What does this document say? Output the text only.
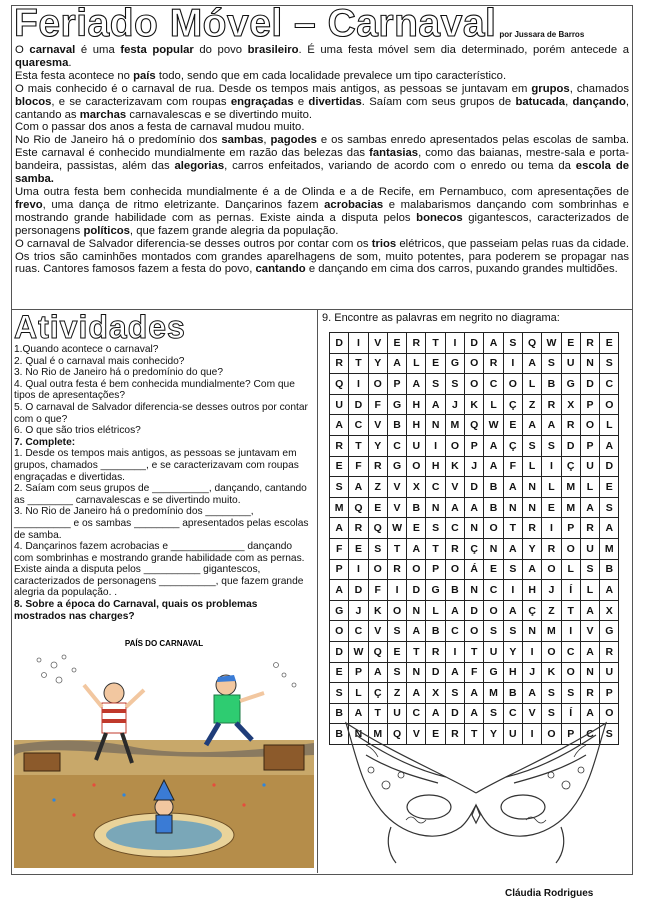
Feriado Móvel – Carnaval por Jussara de Barros

O carnaval é uma festa popular do povo brasileiro. É uma festa móvel sem dia determinado, porém antecede a quaresma.

Esta festa acontece no país todo, sendo que em cada localidade prevalece um tipo característico.

O mais conhecido é o carnaval de rua. Desde os tempos mais antigos, as pessoas se juntavam em grupos, chamados blocos, e se caracterizavam com roupas engraçadas e divertidas. Saíam com seus grupos de batucada, dançando, cantando as marchas carnavalescas e se divertindo muito.

Com o passar dos anos a festa de carnaval mudou muito.

No Rio de Janeiro há o predomínio dos sambas, pagodes e os sambas enredo apresentados pelas escolas de samba. Este carnaval é conhecido mundialmente em razão das belezas das fantasias, como das baianas, mestre-sala e porta-bandeira, passistas, além das alegorias, carros enfeitados, variando de acordo com o enredo ou tema da escola de samba.

Uma outra festa bem conhecida mundialmente é a de Olinda e a de Recife, em Pernambuco, com apresentações de frevo, uma dança de ritmo eletrizante. Dançarinos fazem acrobacias e malabarismos dançando com sombrinhas e mostrando grande habilidade com as pernas. Existe ainda a disputa pelos bonecos gigantescos, caracterizados de personagens políticos, que fazem grande alegria da população.

O carnaval de Salvador diferencia-se desses outros por contar com os trios elétricos, que passeiam pelas ruas da cidade. Os trios são caminhões montados com grandes aparelhagens de som, muito potentes, para poderem se propagar nas ruas. Cantores famosos fazem a festa do povo, cantando e dançando em cima dos carros, puxando grandes multidões.

Atividades
1.Quando acontece o carnaval?
2. Qual é o carnaval mais conhecido?
3. No Rio de Janeiro há o predomínio do que?
4. Qual outra festa é bem conhecida mundialmente? Com que tipos de apresentações?
5. O carnaval de Salvador diferencia-se desses outros por contar com o que?
6. O que são trios elétricos?
7. Complete:
1. Desde os tempos mais antigos, as pessoas se juntavam em grupos, chamados ________, e se caracterizavam com roupas engraçadas e divertidas.
2. Saíam com seus grupos de __________, dançando, cantando as ________ carnavalescas e se divertindo muito.
3. No Rio de Janeiro há o predomínio dos ________, __________ e os sambas ________ apresentados pelas escolas de samba.
4. Dançarinos fazem acrobacias e _____________ dançando com sombrinhas e mostrando grande habilidade com as pernas. Existe ainda a disputa pelos __________ gigantescos, caracterizados de personagens __________, que fazem grande alegria da população. .
8. Sobre a época do Carnaval, quais os problemas mostrados nas charges?
PAÍS DO CARNAVAL
9. Encontre as palavras em negrito no diagrama:
D	I	V	E	R	T	I	D	A	S	Q	W	E	R	E
R	T	Y	A	L	E	G	O	R	I	A	S	U	N	S
Q	I	O	P	A	S	S	O	C	O	L	B	G	D	C
U	D	F	G	H	A	J	K	L	Ç	Z	R	X	P	O
A	C	V	B	H	N	M	Q	W	E	A	A	R	O	L
R	T	Y	C	U	I	O	P	A	Ç	S	S	D	P	A
E	F	R	G	O	H	K	J	A	F	L	I	Ç	U	D
S	A	Z	V	X	C	V	D	B	A	N	L	M	L	E
M	Q	E	V	B	N	A	A	B	N	N	E	M	A	S
A	R	Q	W	E	S	C	N	O	T	R	I	P	R	A
F	E	S	T	A	T	R	Ç	N	A	Y	R	O	U	M
P	I	O	R	O	P	O	Á	E	S	A	O	L	S	B
A	D	F	I	D	G	B	N	C	I	H	J	Í	L	A
G	J	K	O	N	L	A	D	O	A	Ç	Z	T	A	X
O	C	V	S	A	B	C	O	S	S	N	M	I	V	G
D	W	Q	E	T	R	I	T	U	Y	I	O	C	A	R
E	P	A	S	N	D	A	F	G	H	J	K	O	N	U
S	L	Ç	Z	A	X	S	A	M	B	A	S	S	R	P
B	A	T	U	C	A	D	A	S	C	V	S	Í	A	O
B	N	M	Q	V	E	R	T	Y	U	I	O	P	C	S
Cláudia Rodrigues
